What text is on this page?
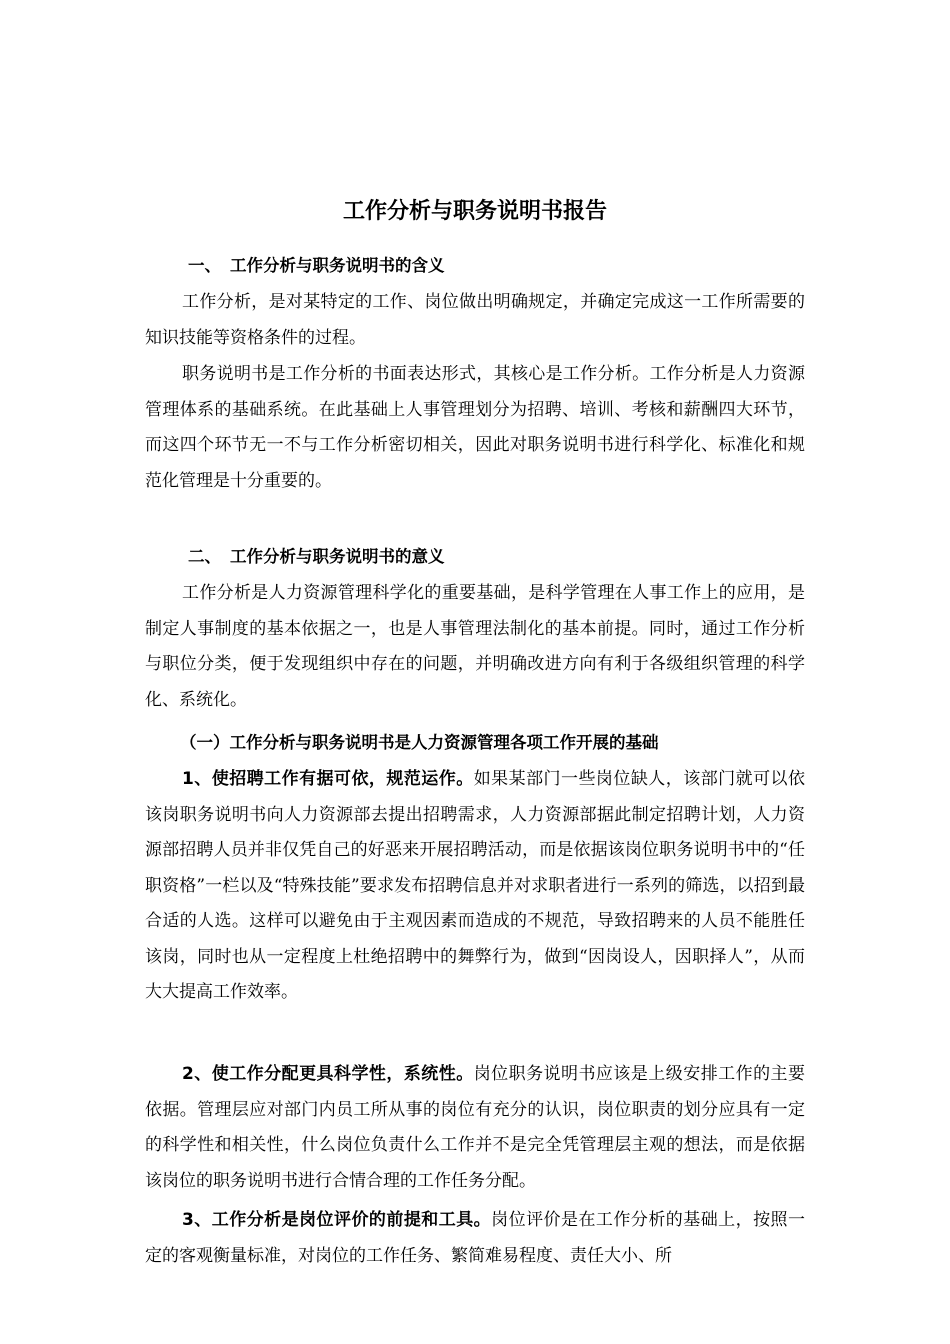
工作分析与职务说明书报告
一、 工作分析与职务说明书的含义

工作分析，是对某特定的工作、岗位做出明确规定，并确定完成这一工作所需要的知识技能等资格条件的过程。

职务说明书是工作分析的书面表达形式，其核心是工作分析。工作分析是人力资源管理体系的基础系统。在此基础上人事管理划分为招聘、培训、考核和薪酬四大环节，而这四个环节无一不与工作分析密切相关，因此对职务说明书进行科学化、标准化和规范化管理是十分重要的。

二、 工作分析与职务说明书的意义

工作分析是人力资源管理科学化的重要基础，是科学管理在人事工作上的应用，是制定人事制度的基本依据之一，也是人事管理法制化的基本前提。同时，通过工作分析与职位分类，便于发现组织中存在的问题，并明确改进方向有利于各级组织管理的科学化、系统化。

（一）工作分析与职务说明书是人力资源管理各项工作开展的基础

1、使招聘工作有据可依，规范运作。如果某部门一些岗位缺人，该部门就可以依该岗职务说明书向人力资源部去提出招聘需求，人力资源部据此制定招聘计划，人力资源部招聘人员并非仅凭自己的好恶来开展招聘活动，而是依据该岗位职务说明书中的“任职资格”一栏以及“特殊技能”要求发布招聘信息并对求职者进行一系列的筛选，以招到最合适的人选。这样可以避免由于主观因素而造成的不规范，导致招聘来的人员不能胜任该岗，同时也从一定程度上杜绝招聘中的舞弊行为，做到“因岗设人，因职择人”，从而大大提高工作效率。

2、使工作分配更具科学性，系统性。岗位职务说明书应该是上级安排工作的主要依据。管理层应对部门内员工所从事的岗位有充分的认识，岗位职责的划分应具有一定的科学性和相关性，什么岗位负责什么工作并不是完全凭管理层主观的想法，而是依据该岗位的职务说明书进行合情合理的工作任务分配。

3、工作分析是岗位评价的前提和工具。岗位评价是在工作分析的基础上，按照一定的客观衡量标准，对岗位的工作任务、繁简难易程度、责任大小、所
